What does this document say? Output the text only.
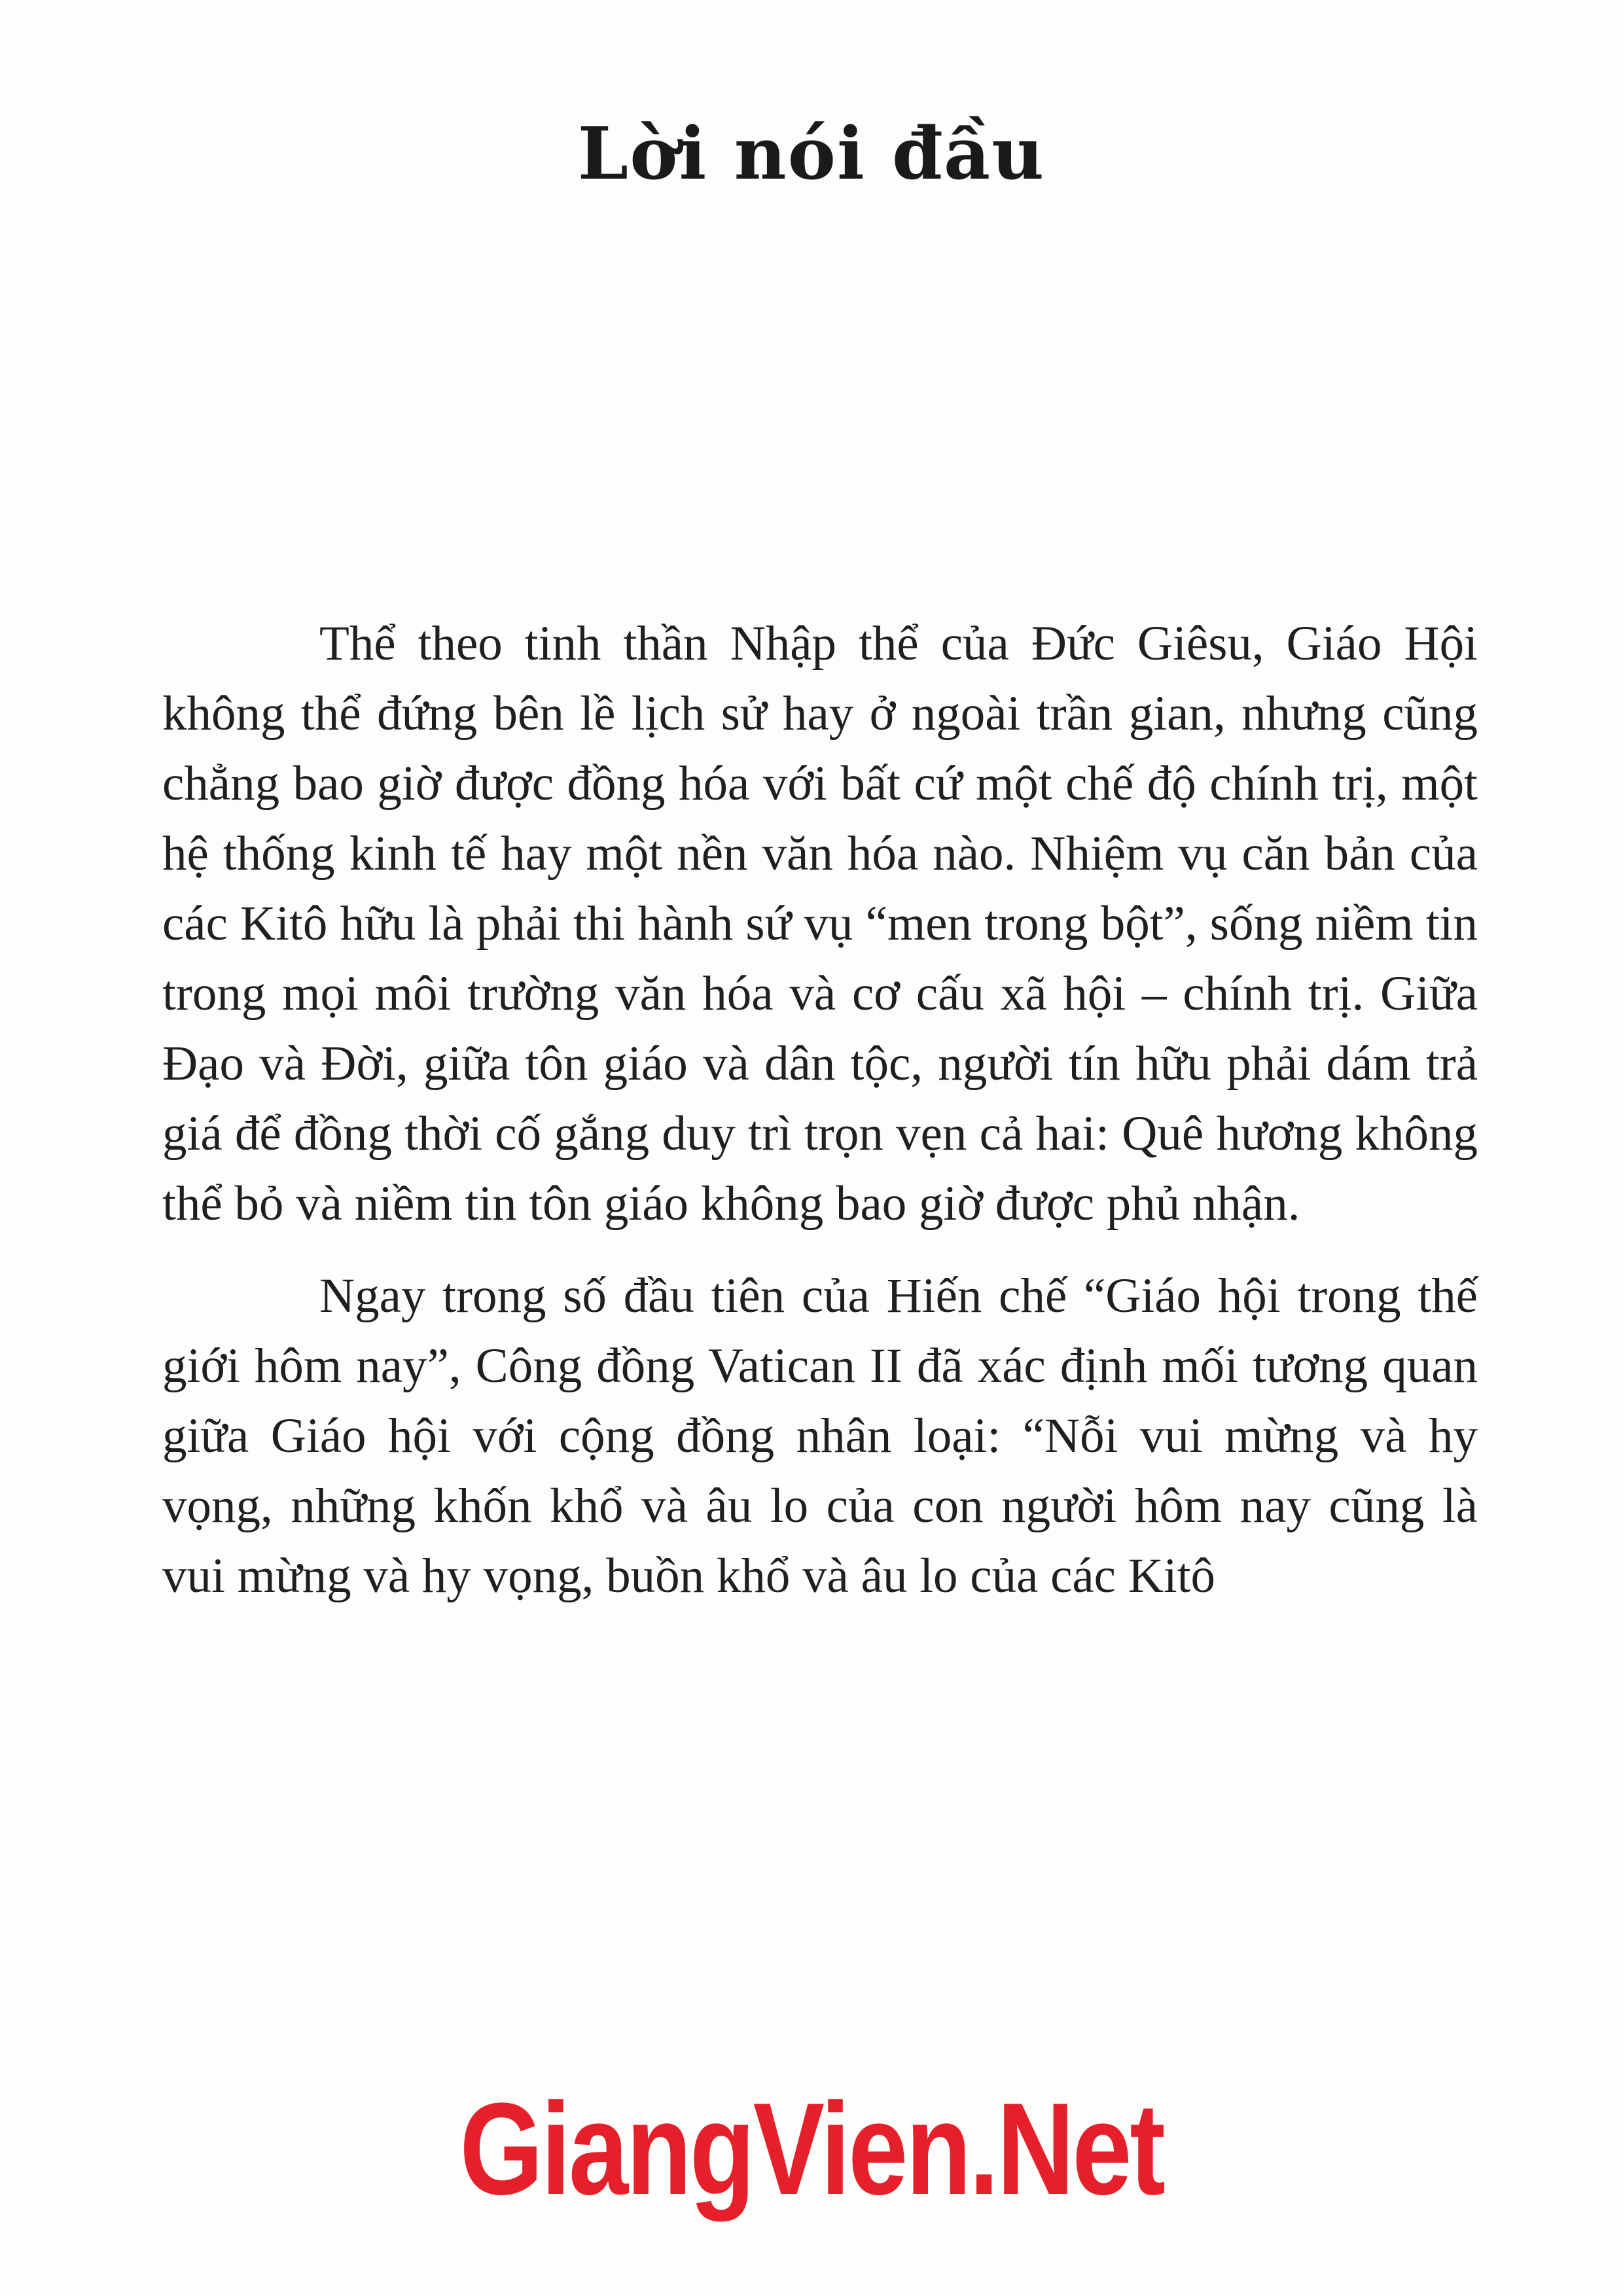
Lời nói đầu

Thể theo tinh thần Nhập thể của Đức Giêsu, Giáo Hội không thể đứng bên lề lịch sử hay ở ngoài trần gian, nhưng cũng chẳng bao giờ được đồng hóa với bất cứ một chế độ chính trị, một hệ thống kinh tế hay một nền văn hóa nào. Nhiệm vụ căn bản của các Kitô hữu là phải thi hành sứ vụ “men trong bột”, sống niềm tin trong mọi môi trường văn hóa và cơ cấu xã hội – chính trị. Giữa Đạo và Đời, giữa tôn giáo và dân tộc, người tín hữu phải dám trả giá để đồng thời cố gắng duy trì trọn vẹn cả hai: Quê hương không thể bỏ và niềm tin tôn giáo không bao giờ được phủ nhận.

Ngay trong số đầu tiên của Hiến chế “Giáo hội trong thế giới hôm nay”, Công đồng Vatican II đã xác định mối tương quan giữa Giáo hội với cộng đồng nhân loại: “Nỗi vui mừng và hy vọng, những khốn khổ và âu lo của con người hôm nay cũng là vui mừng và hy vọng, buồn khổ và âu lo của các Kitô

GiangVien.Net
